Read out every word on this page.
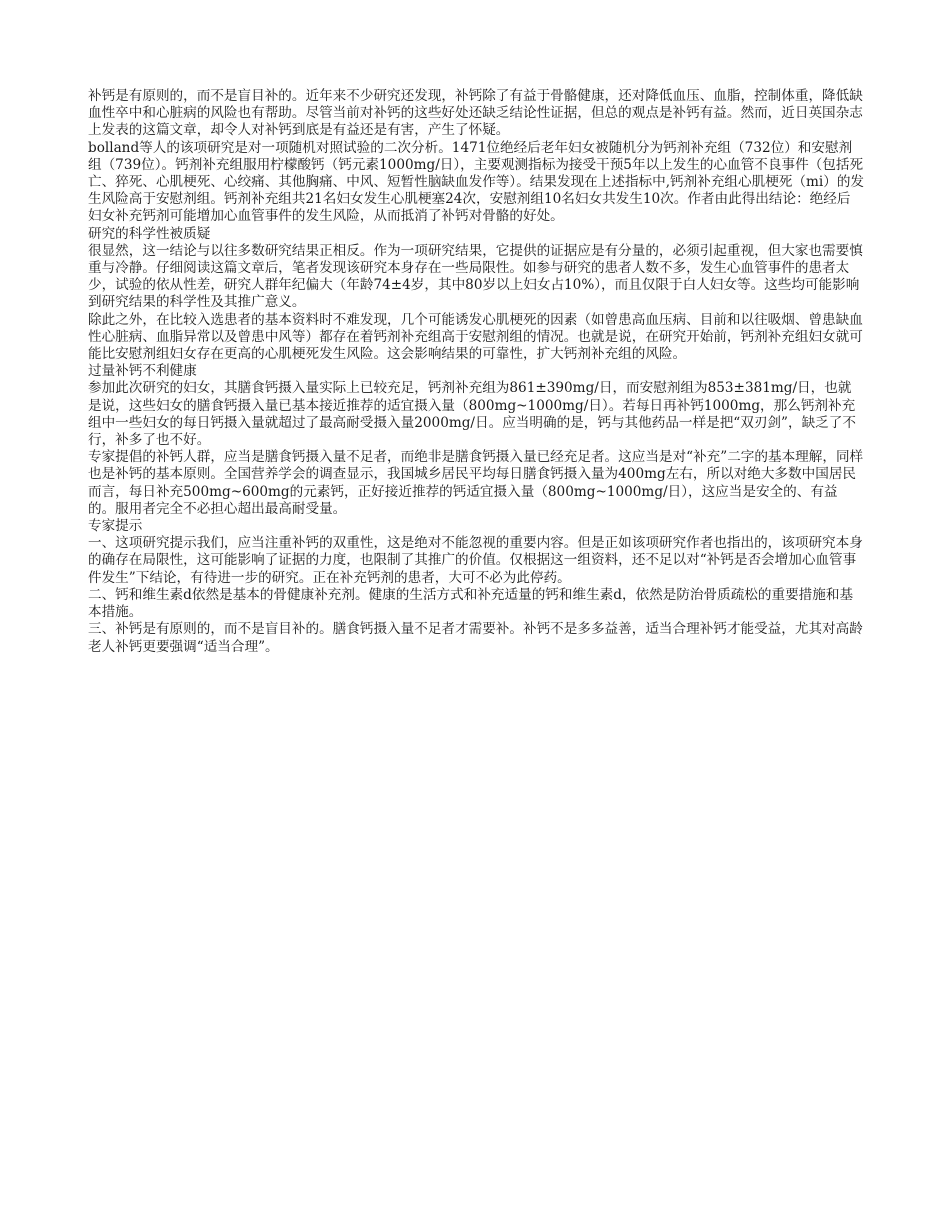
补钙是有原则的，而不是盲目补的。近年来不少研究还发现，补钙除了有益于骨骼健康，还对降低血压、血脂，控制体重，降低缺血性卒中和心脏病的风险也有帮助。尽管当前对补钙的这些好处还缺乏结论性证据，但总的观点是补钙有益。然而，近日英国杂志上发表的这篇文章，却令人对补钙到底是有益还是有害，产生了怀疑。

bolland等人的该项研究是对一项随机对照试验的二次分析。1471位绝经后老年妇女被随机分为钙剂补充组（732位）和安慰剂组（739位）。钙剂补充组服用柠檬酸钙（钙元素1000mg/日），主要观测指标为接受干预5年以上发生的心血管不良事件（包括死亡、猝死、心肌梗死、心绞痛、其他胸痛、中风、短暂性脑缺血发作等）。结果发现在上述指标中,钙剂补充组心肌梗死（mi）的发生风险高于安慰剂组。钙剂补充组共21名妇女发生心肌梗塞24次，安慰剂组10名妇女共发生10次。作者由此得出结论：绝经后妇女补充钙剂可能增加心血管事件的发生风险，从而抵消了补钙对骨骼的好处。

研究的科学性被质疑

很显然，这一结论与以往多数研究结果正相反。作为一项研究结果，它提供的证据应是有分量的，必须引起重视，但大家也需要慎重与冷静。仔细阅读这篇文章后，笔者发现该研究本身存在一些局限性。如参与研究的患者人数不多，发生心血管事件的患者太少，试验的依从性差，研究人群年纪偏大（年龄74±4岁，其中80岁以上妇女占10%），而且仅限于白人妇女等。这些均可能影响到研究结果的科学性及其推广意义。

除此之外，在比较入选患者的基本资料时不难发现，几个可能诱发心肌梗死的因素（如曾患高血压病、目前和以往吸烟、曾患缺血性心脏病、血脂异常以及曾患中风等）都存在着钙剂补充组高于安慰剂组的情况。也就是说，在研究开始前，钙剂补充组妇女就可能比安慰剂组妇女存在更高的心肌梗死发生风险。这会影响结果的可靠性，扩大钙剂补充组的风险。

过量补钙不利健康

参加此次研究的妇女，其膳食钙摄入量实际上已较充足，钙剂补充组为861±390mg/日，而安慰剂组为853±381mg/日，也就是说，这些妇女的膳食钙摄入量已基本接近推荐的适宜摄入量（800mg~1000mg/日）。若每日再补钙1000mg，那么钙剂补充组中一些妇女的每日钙摄入量就超过了最高耐受摄入量2000mg/日。应当明确的是，钙与其他药品一样是把“双刃剑”，缺乏了不行，补多了也不好。

专家提倡的补钙人群，应当是膳食钙摄入量不足者，而绝非是膳食钙摄入量已经充足者。这应当是对“补充”二字的基本理解，同样也是补钙的基本原则。全国营养学会的调查显示，我国城乡居民平均每日膳食钙摄入量为400mg左右，所以对绝大多数中国居民而言，每日补充500mg~600mg的元素钙，正好接近推荐的钙适宜摄入量（800mg~1000mg/日），这应当是安全的、有益的。服用者完全不必担心超出最高耐受量。

专家提示

一、这项研究提示我们，应当注重补钙的双重性，这是绝对不能忽视的重要内容。但是正如该项研究作者也指出的，该项研究本身的确存在局限性，这可能影响了证据的力度，也限制了其推广的价值。仅根据这一组资料，还不足以对“补钙是否会增加心血管事件发生”下结论，有待进一步的研究。正在补充钙剂的患者，大可不必为此停药。

二、钙和维生素d依然是基本的骨健康补充剂。健康的生活方式和补充适量的钙和维生素d，依然是防治骨质疏松的重要措施和基本措施。

三、补钙是有原则的，而不是盲目补的。膳食钙摄入量不足者才需要补。补钙不是多多益善，适当合理补钙才能受益，尤其对高龄老人补钙更要强调“适当合理”。
